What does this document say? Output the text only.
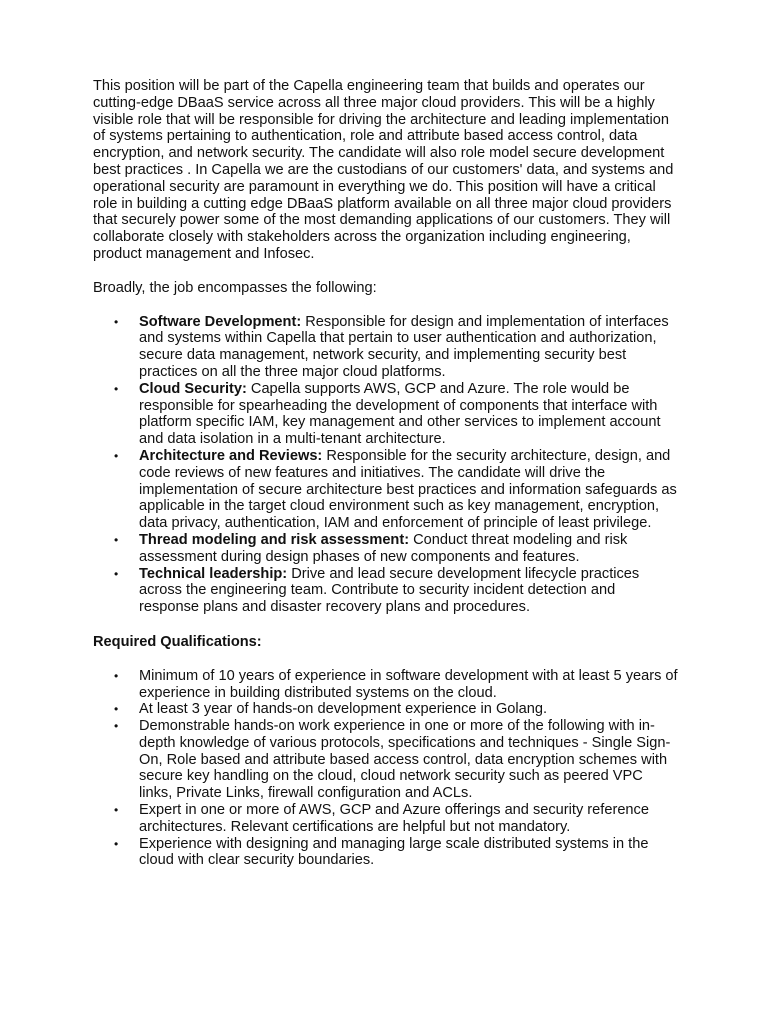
This position will be part of the Capella engineering team that builds and operates our cutting-edge DBaaS service across all three major cloud providers. This will be a highly visible role that will be responsible for driving the architecture and leading implementation of systems pertaining to authentication, role and attribute based access control, data encryption, and network security. The candidate will also role model secure development best practices . In Capella we are the custodians of our customers' data, and systems and operational security are paramount in everything we do. This position will have a critical role in building a cutting edge DBaaS platform available on all three major cloud providers that securely power some of the most demanding applications of our customers. They will collaborate closely with stakeholders across the organization including engineering, product management and Infosec.

Broadly, the job encompasses the following:

• Software Development: Responsible for design and implementation of interfaces and systems within Capella that pertain to user authentication and authorization, secure data management, network security, and implementing security best practices on all the three major cloud platforms.
• Cloud Security: Capella supports AWS, GCP and Azure. The role would be responsible for spearheading the development of components that interface with platform specific IAM, key management and other services to implement account and data isolation in a multi-tenant architecture.
• Architecture and Reviews: Responsible for the security architecture, design, and code reviews of new features and initiatives. The candidate will drive the implementation of secure architecture best practices and information safeguards as applicable in the target cloud environment such as key management, encryption, data privacy, authentication, IAM and enforcement of principle of least privilege.
• Thread modeling and risk assessment: Conduct threat modeling and risk assessment during design phases of new components and features.
• Technical leadership: Drive and lead secure development lifecycle practices across the engineering team. Contribute to security incident detection and response plans and disaster recovery plans and procedures.

Required Qualifications:

• Minimum of 10 years of experience in software development with at least 5 years of experience in building distributed systems on the cloud.
• At least 3 year of hands-on development experience in Golang.
• Demonstrable hands-on work experience in one or more of the following with in-depth knowledge of various protocols, specifications and techniques - Single Sign-On, Role based and attribute based access control, data encryption schemes with secure key handling on the cloud, cloud network security such as peered VPC links, Private Links, firewall configuration and ACLs.
• Expert in one or more of AWS, GCP and Azure offerings and security reference architectures. Relevant certifications are helpful but not mandatory.
• Experience with designing and managing large scale distributed systems in the cloud with clear security boundaries.
